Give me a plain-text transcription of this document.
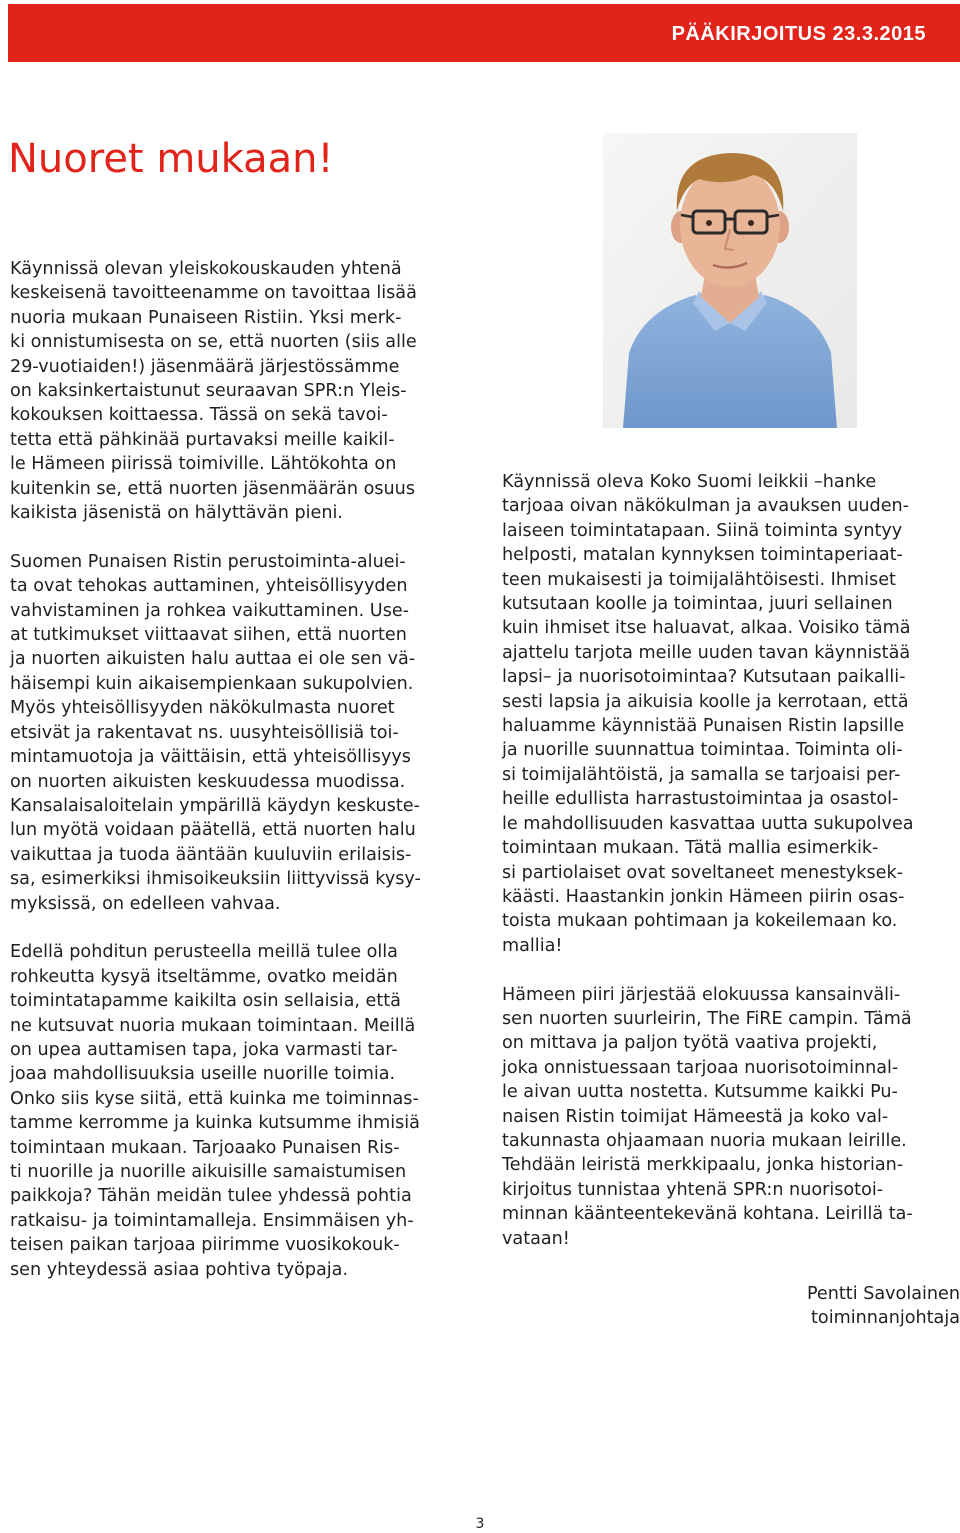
PÄÄKIRJOITUS 23.3.2015
Nuoret mukaan!

Käynnissä olevan yleiskokouskauden yhtenä
keskeisenä tavoitteenamme on tavoittaa lisää
nuoria mukaan Punaiseen Ristiin. Yksi merk-
ki onnistumisesta on se, että nuorten (siis alle
29-vuotiaiden!) jäsenmäärä järjestössämme
on kaksinkertaistunut seuraavan SPR:n Yleis-
kokouksen koittaessa. Tässä on sekä tavoi-
tetta että pähkinää purtavaksi meille kaikil-
le Hämeen piirissä toimiville. Lähtökohta on
kuitenkin se, että nuorten jäsenmäärän osuus
kaikista jäsenistä on hälyttävän pieni.

Suomen Punaisen Ristin perustoiminta-aluei-
ta ovat tehokas auttaminen, yhteisöllisyyden
vahvistaminen ja rohkea vaikuttaminen. Use-
at tutkimukset viittaavat siihen, että nuorten
ja nuorten aikuisten halu auttaa ei ole sen vä-
häisempi kuin aikaisempienkaan sukupolvien.
Myös yhteisöllisyyden näkökulmasta nuoret
etsivät ja rakentavat ns. uusyhteisöllisiä toi-
mintamuotoja ja väittäisin, että yhteisöllisyys
on nuorten aikuisten keskuudessa muodissa.
Kansalaisaloitelain ympärillä käydyn keskuste-
lun myötä voidaan päätellä, että nuorten halu
vaikuttaa ja tuoda ääntään kuuluviin erilaisis-
sa, esimerkiksi ihmisoikeuksiin liittyvissä kysy-
myksissä, on edelleen vahvaa.

Edellä pohditun perusteella meillä tulee olla
rohkeutta kysyä itseltämme, ovatko meidän
toimintatapamme kaikilta osin sellaisia, että
ne kutsuvat nuoria mukaan toimintaan. Meillä
on upea auttamisen tapa, joka varmasti tar-
joaa mahdollisuuksia useille nuorille toimia.
Onko siis kyse siitä, että kuinka me toiminnas-
tamme kerromme ja kuinka kutsumme ihmisiä
toimintaan mukaan. Tarjoaako Punaisen Ris-
ti nuorille ja nuorille aikuisille samaistumisen
paikkoja? Tähän meidän tulee yhdessä pohtia
ratkaisu- ja toimintamalleja. Ensimmäisen yh-
teisen paikan tarjoaa piirimme vuosikokouk-
sen yhteydessä asiaa pohtiva työpaja.

Käynnissä oleva Koko Suomi leikkii –hanke
tarjoaa oivan näkökulman ja avauksen uuden-
laiseen toimintatapaan. Siinä toiminta syntyy
helposti, matalan kynnyksen toimintaperiaat-
teen mukaisesti ja toimijalähtöisesti. Ihmiset
kutsutaan koolle ja toimintaa, juuri sellainen
kuin ihmiset itse haluavat, alkaa. Voisiko tämä
ajattelu tarjota meille uuden tavan käynnistää
lapsi– ja nuorisotoimintaa? Kutsutaan paikalli-
sesti lapsia ja aikuisia koolle ja kerrotaan, että
haluamme käynnistää Punaisen Ristin lapsille
ja nuorille suunnattua toimintaa. Toiminta oli-
si toimijalähtöistä, ja samalla se tarjoaisi per-
heille edullista harrastustoimintaa ja osastol-
le mahdollisuuden kasvattaa uutta sukupolvea
toimintaan mukaan. Tätä mallia esimerkik-
si partiolaiset ovat soveltaneet menestyksek-
käästi. Haastankin jonkin Hämeen piirin osas-
toista mukaan pohtimaan ja kokeilemaan ko.
mallia!

Hämeen piiri järjestää elokuussa kansainväli-
sen nuorten suurleirin, The FiRE campin. Tämä
on mittava ja paljon työtä vaativa projekti,
joka onnistuessaan tarjoaa nuorisotoiminnal-
le aivan uutta nostetta. Kutsumme kaikki Pu-
naisen Ristin toimijat Hämeestä ja koko val-
takunnasta ohjaamaan nuoria mukaan leirille.
Tehdään leiristä merkkipaalu, jonka historian-
kirjoitus tunnistaa yhtenä SPR:n nuorisotoi-
minnan käänteentekevänä kohtana. Leirillä ta-
vataan!

Pentti Savolainen
toiminnanjohtaja
3
